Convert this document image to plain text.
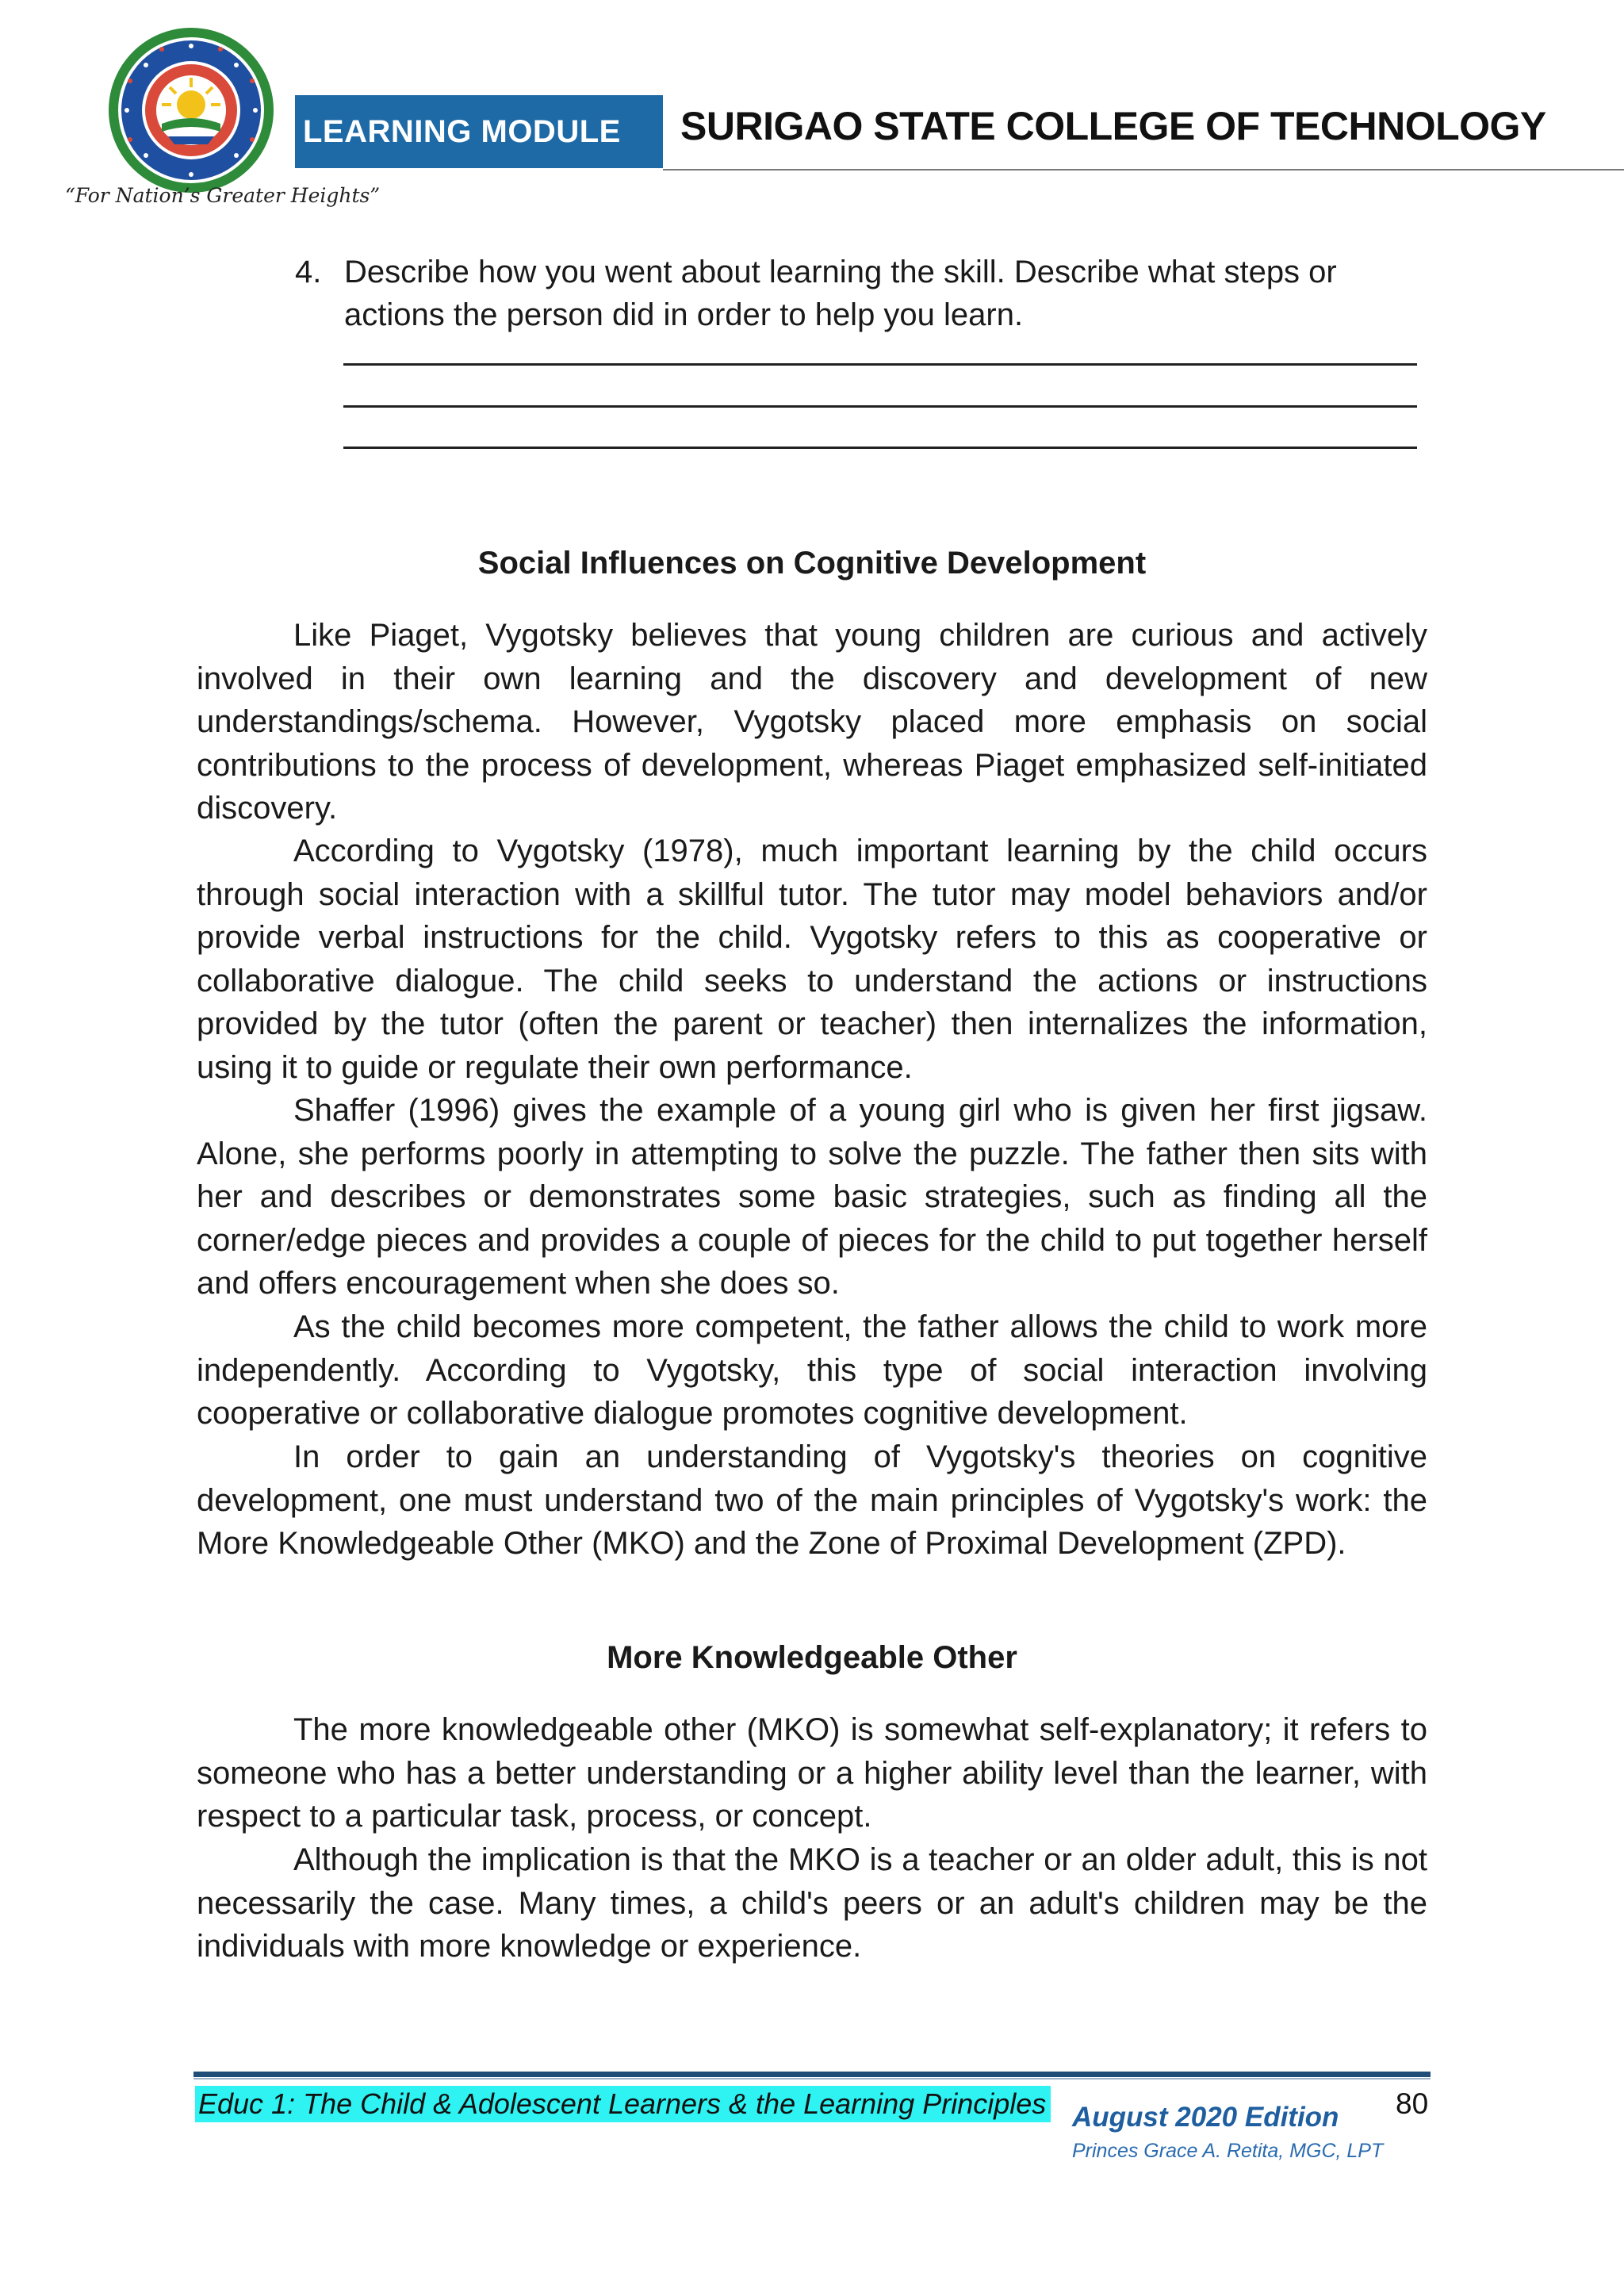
“For Nation’s Greater Heights”
LEARNING MODULE SURIGAO STATE COLLEGE OF TECHNOLOGY
4. Describe how you went about learning the skill. Describe what steps or actions the person did in order to help you learn.
Social Influences on Cognitive Development

Like Piaget, Vygotsky believes that young children are curious and actively involved in their own learning and the discovery and development of new understandings/schema. However, Vygotsky placed more emphasis on social contributions to the process of development, whereas Piaget emphasized self-initiated discovery.

According to Vygotsky (1978), much important learning by the child occurs through social interaction with a skillful tutor. The tutor may model behaviors and/or provide verbal instructions for the child. Vygotsky refers to this as cooperative or collaborative dialogue. The child seeks to understand the actions or instructions provided by the tutor (often the parent or teacher) then internalizes the information, using it to guide or regulate their own performance.

Shaffer (1996) gives the example of a young girl who is given her first jigsaw. Alone, she performs poorly in attempting to solve the puzzle. The father then sits with her and describes or demonstrates some basic strategies, such as finding all the corner/edge pieces and provides a couple of pieces for the child to put together herself and offers encouragement when she does so.

As the child becomes more competent, the father allows the child to work more independently. According to Vygotsky, this type of social interaction involving cooperative or collaborative dialogue promotes cognitive development.

In order to gain an understanding of Vygotsky's theories on cognitive development, one must understand two of the main principles of Vygotsky's work: the More Knowledgeable Other (MKO) and the Zone of Proximal Development (ZPD).

More Knowledgeable Other

The more knowledgeable other (MKO) is somewhat self-explanatory; it refers to someone who has a better understanding or a higher ability level than the learner, with respect to a particular task, process, or concept.

Although the implication is that the MKO is a teacher or an older adult, this is not necessarily the case. Many times, a child's peers or an adult's children may be the individuals with more knowledge or experience.

Educ 1: The Child & Adolescent Learners & the Learning Principles August 2020 Edition
Princes Grace A. Retita, MGC, LPT
80
